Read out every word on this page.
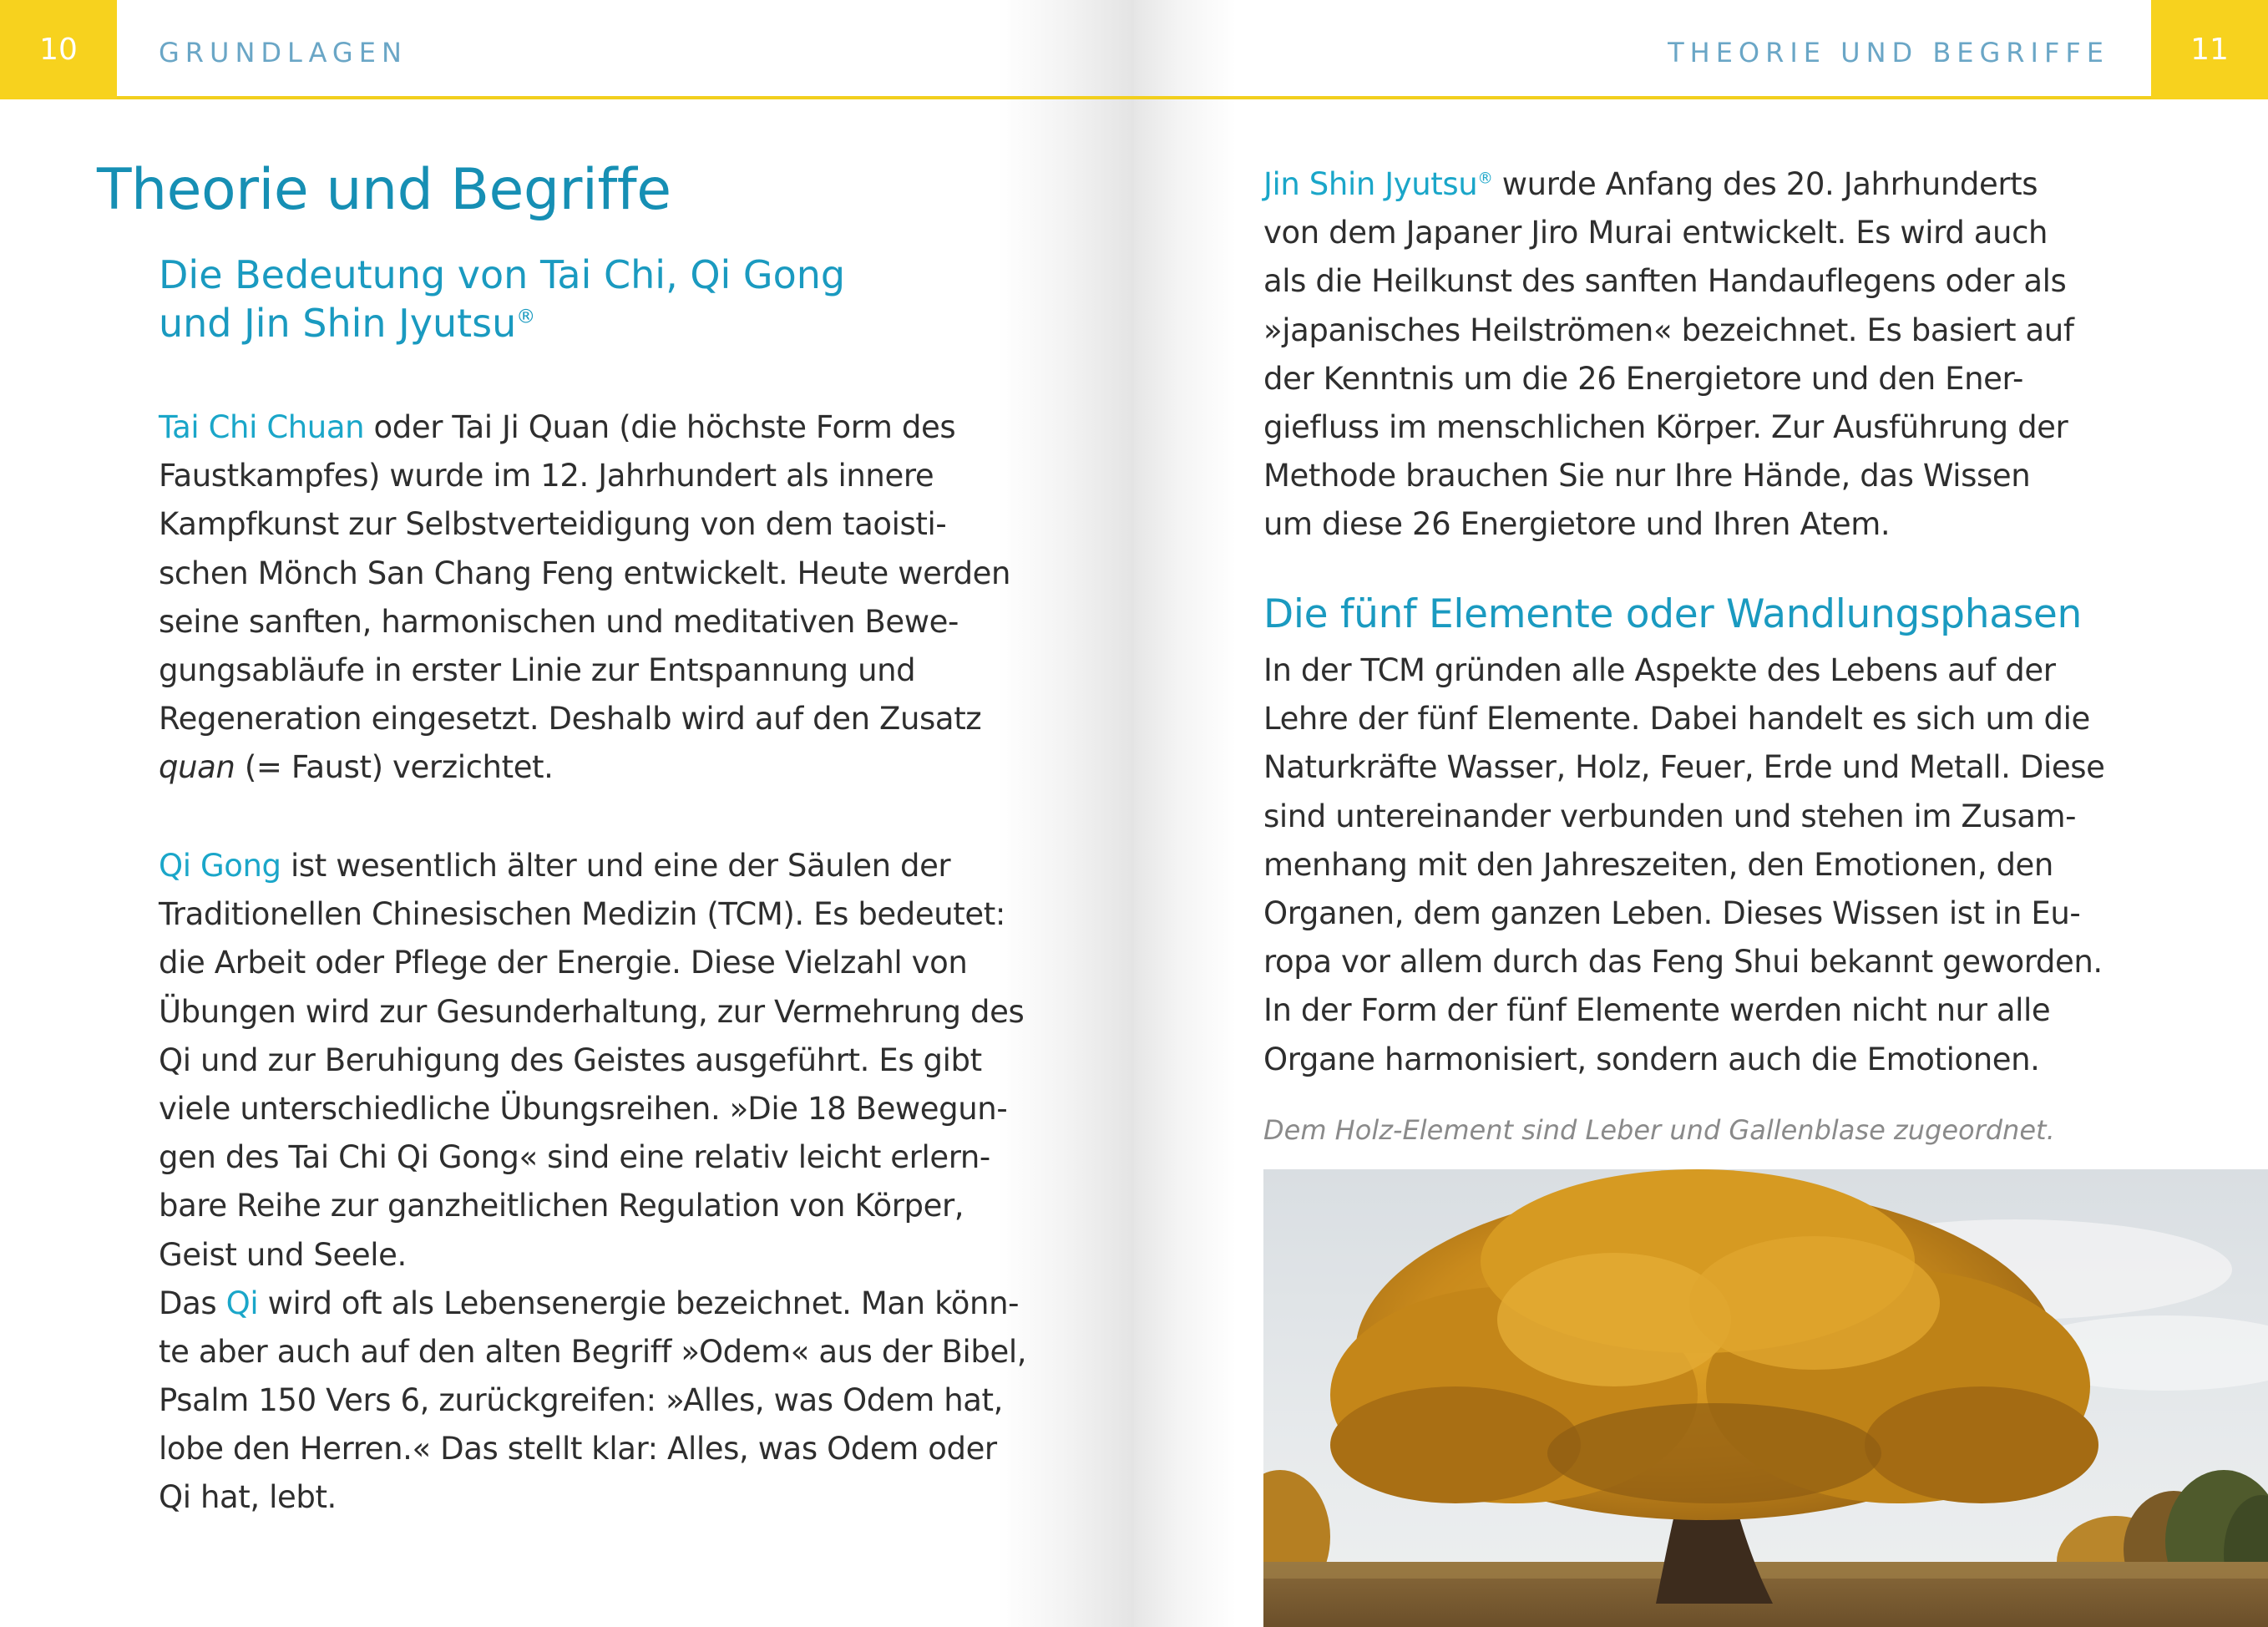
10	GRUNDLAGEN
Theorie und Begriffe
Die Bedeutung von Tai Chi, Qi Gong
und Jin Shin Jyutsu®
Tai Chi Chuan oder Tai Ji Quan (die höchste Form des
Faustkampfes) wurde im 12. Jahrhundert als innere
Kampfkunst zur Selbstverteidigung von dem taoisti-
schen Mönch San Chang Feng entwickelt. Heute werden
seine sanften, harmonischen und meditativen Bewe-
gungsabläufe in erster Linie zur Entspannung und
Regeneration eingesetzt. Deshalb wird auf den Zusatz
quan (= Faust) verzichtet.
Qi Gong ist wesentlich älter und eine der Säulen der
Traditionellen Chinesischen Medizin (TCM). Es bedeutet:
die Arbeit oder Pflege der Energie. Diese Vielzahl von
Übungen wird zur Gesunderhaltung, zur Vermehrung des
Qi und zur Beruhigung des Geistes ausgeführt. Es gibt
viele unterschiedliche Übungsreihen. »Die 18 Bewegun-
gen des Tai Chi Qi Gong« sind eine relativ leicht erlern-
bare Reihe zur ganzheitlichen Regulation von Körper,
Geist und Seele.
Das Qi wird oft als Lebensenergie bezeichnet. Man könn-
te aber auch auf den alten Begriff »Odem« aus der Bibel,
Psalm 150 Vers 6, zurückgreifen: »Alles, was Odem hat,
lobe den Herren.« Das stellt klar: Alles, was Odem oder
Qi hat, lebt.
11
THEORIE UND BEGRIFFE
Jin Shin Jyutsu® wurde Anfang des 20. Jahrhunderts
von dem Japaner Jiro Murai entwickelt. Es wird auch
als die Heilkunst des sanften Handauflegens oder als
»japanisches Heilströmen« bezeichnet. Es basiert auf
der Kenntnis um die 26 Energietore und den Ener-
giefluss im menschlichen Körper. Zur Ausführung der
Methode brauchen Sie nur Ihre Hände, das Wissen
um diese 26 Energietore und Ihren Atem.
Die fünf Elemente oder Wandlungsphasen
In der TCM gründen alle Aspekte des Lebens auf der
Lehre der fünf Elemente. Dabei handelt es sich um die
Naturkräfte Wasser, Holz, Feuer, Erde und Metall. Diese
sind untereinander verbunden und stehen im Zusam-
menhang mit den Jahreszeiten, den Emotionen, den
Organen, dem ganzen Leben. Dieses Wissen ist in Eu-
ropa vor allem durch das Feng Shui bekannt geworden.
In der Form der fünf Elemente werden nicht nur alle
Organe harmonisiert, sondern auch die Emotionen.
Dem Holz-Element sind Leber und Gallenblase zugeordnet.
